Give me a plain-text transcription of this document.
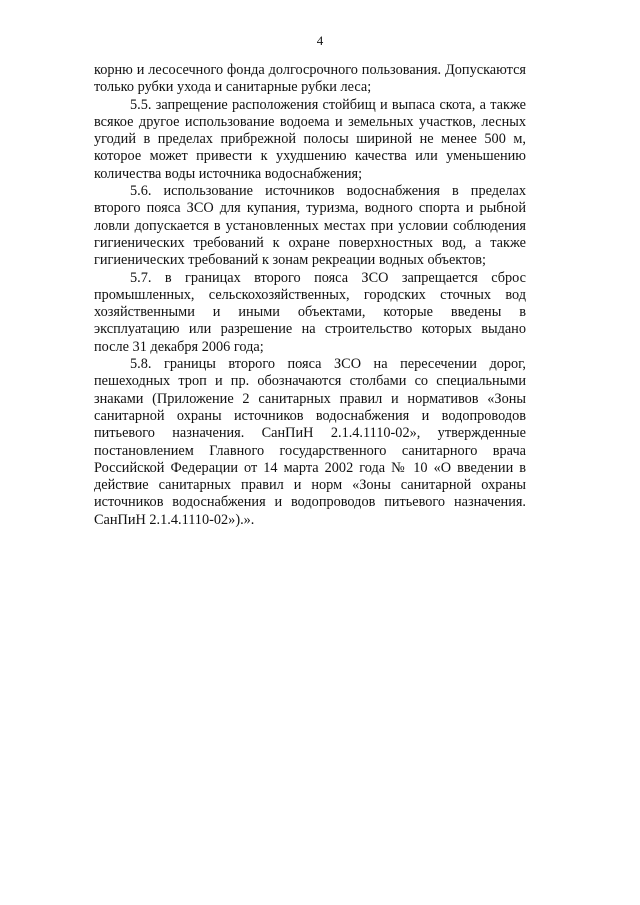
4

корню и лесосечного фонда долгосрочного пользования. Допускаются только рубки ухода и санитарные рубки леса;

5.5. запрещение расположения стойбищ и выпаса скота, а также всякое другое использование водоема и земельных участков, лесных угодий в пределах прибрежной полосы шириной не менее 500 м, которое может привести к ухудшению качества или уменьшению количества воды источника водоснабжения;

5.6. использование источников водоснабжения в пределах второго пояса ЗСО для купания, туризма, водного спорта и рыбной ловли допускается в установленных местах при условии соблюдения гигиенических требований к охране поверхностных вод, а также гигиенических требований к зонам рекреации водных объектов;

5.7. в границах второго пояса ЗСО запрещается сброс промышленных, сельскохозяйственных, городских сточных вод хозяйственными и иными объектами, которые введены в эксплуатацию или разрешение на строительство которых выдано после 31 декабря 2006 года;

5.8. границы второго пояса ЗСО на пересечении дорог, пешеходных троп и пр. обозначаются столбами со специальными знаками (Приложение 2 санитарных правил и нормативов «Зоны санитарной охраны источников водоснабжения и водопроводов питьевого назначения. СанПиН 2.1.4.1110-02», утвержденные постановлением Главного государственного санитарного врача Российской Федерации от 14 марта 2002 года № 10 «О введении в действие санитарных правил и норм «Зоны санитарной охраны источников водоснабжения и водопроводов питьевого назначения. СанПиН 2.1.4.1110-02»).».
